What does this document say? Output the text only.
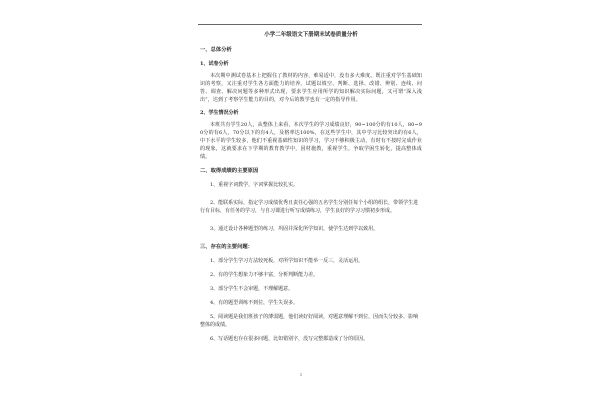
小学二年级语文下册期末试卷质量分析
一、总体分析
1、试卷分析
本次期中测试卷基本上把握住了教材的内容，难易适中，没有多大难度。既注重对学生基础知识的考察，又注重对学生各方面能力的培养。试题以填空、判断、选择、改错、辨别、连线、问答、调查、解决问题等多种形式出现，要求学生应用所学的知识解决实际问题，又可谓“深入浅出”，达到了考察学生能力的目的，对今后的教学也有一定的指导作用。
2、学生情况分析
本班共有学生20人，从整体上来看，本次学生的学习成绩良好，90~100分的有10人，80~90分的有6人，70分以下的有4人，及格率达100%，在这些学生中，其中学习比较突出的有6人，中下水平的学生较多，他们不重视基础性知识的学习，学习不够积极主动，有时有不按时完成作业的现象，这就要求在下学期的教育教学中，因材施教，重视学生，争取学困生转化，提高整体成绩。
二、取得成绩的主要原因
1、重视字词教学，字词掌握比较扎实。
2、能联系实际，指定学习成绩优秀且责任心强的五名学生分别任每个小组的组长，带领学生进行有目标，有任务的学习，与自习课进行听写成绩练习，学生良好的学习习惯初步形成。
3、通过设计各种题型的练习，巩固并深化所学知识，使学生达到学以致用。
三、存在的主要问题：
1、部分学生学习方法较死板，对所学知识不能举一反三，灵活运用。
2、有的学生想象力不够丰富，分析判断能力差。
3、部分学生不会审题，不理解题意。
4、有的题型训练不到位，学生失误多。
5、阅读题是我们班孩子的薄弱题，他们读好好阅读，对题意理解不到位，因而失分较多，影响整体的成绩。
6、写话题也存在很多问题，比如错别字，没写完整都造成了分的原因。
1
